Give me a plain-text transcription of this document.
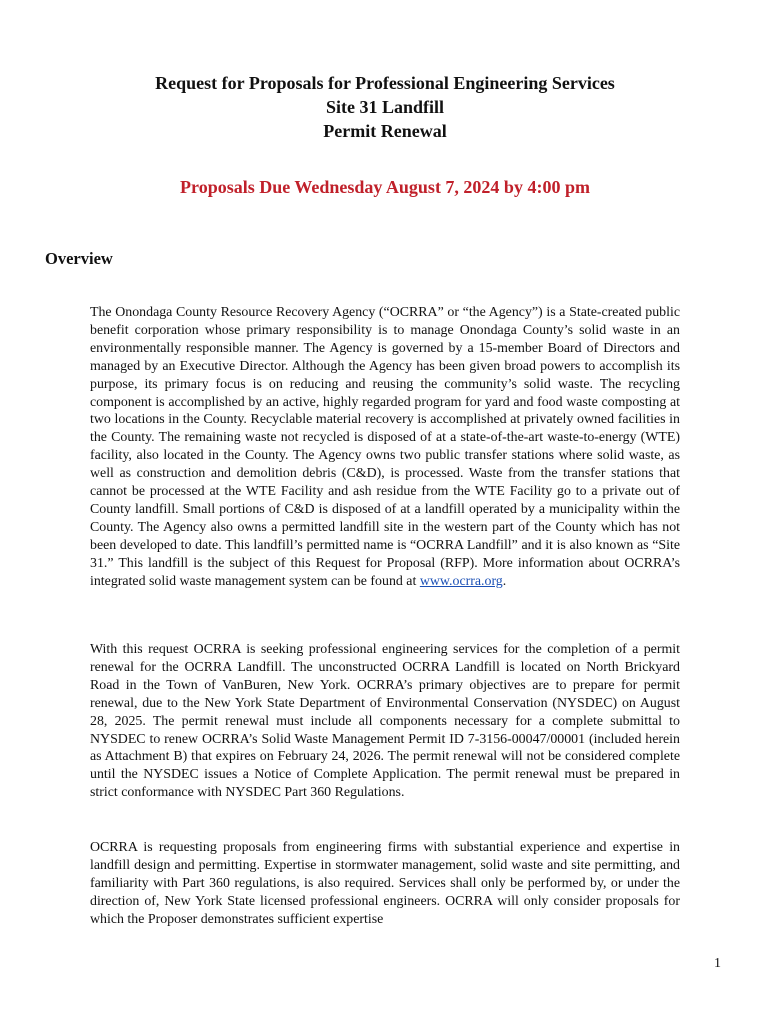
Request for Proposals for Professional Engineering Services
Site 31 Landfill
Permit Renewal
Proposals Due Wednesday August 7, 2024 by 4:00 pm
Overview
The Onondaga County Resource Recovery Agency (“OCRRA” or “the Agency”) is a State-created public benefit corporation whose primary responsibility is to manage Onondaga County’s solid waste in an environmentally responsible manner. The Agency is governed by a 15-member Board of Directors and managed by an Executive Director. Although the Agency has been given broad powers to accomplish its purpose, its primary focus is on reducing and reusing the community’s solid waste. The recycling component is accomplished by an active, highly regarded program for yard and food waste composting at two locations in the County. Recyclable material recovery is accomplished at privately owned facilities in the County. The remaining waste not recycled is disposed of at a state-of-the-art waste-to-energy (WTE) facility, also located in the County. The Agency owns two public transfer stations where solid waste, as well as construction and demolition debris (C&D), is processed. Waste from the transfer stations that cannot be processed at the WTE Facility and ash residue from the WTE Facility go to a private out of County landfill. Small portions of C&D is disposed of at a landfill operated by a municipality within the County. The Agency also owns a permitted landfill site in the western part of the County which has not been developed to date. This landfill’s permitted name is “OCRRA Landfill” and it is also known as “Site 31.” This landfill is the subject of this Request for Proposal (RFP). More information about OCRRA’s integrated solid waste management system can be found at www.ocrra.org.
With this request OCRRA is seeking professional engineering services for the completion of a permit renewal for the OCRRA Landfill. The unconstructed OCRRA Landfill is located on North Brickyard Road in the Town of VanBuren, New York. OCRRA’s primary objectives are to prepare for permit renewal, due to the New York State Department of Environmental Conservation (NYSDEC) on August 28, 2025. The permit renewal must include all components necessary for a complete submittal to NYSDEC to renew OCRRA’s Solid Waste Management Permit ID 7-3156-00047/00001 (included herein as Attachment B) that expires on February 24, 2026. The permit renewal will not be considered complete until the NYSDEC issues a Notice of Complete Application. The permit renewal must be prepared in strict conformance with NYSDEC Part 360 Regulations.
OCRRA is requesting proposals from engineering firms with substantial experience and expertise in landfill design and permitting. Expertise in stormwater management, solid waste and site permitting, and familiarity with Part 360 regulations, is also required. Services shall only be performed by, or under the direction of, New York State licensed professional engineers. OCRRA will only consider proposals for which the Proposer demonstrates sufficient expertise
1
